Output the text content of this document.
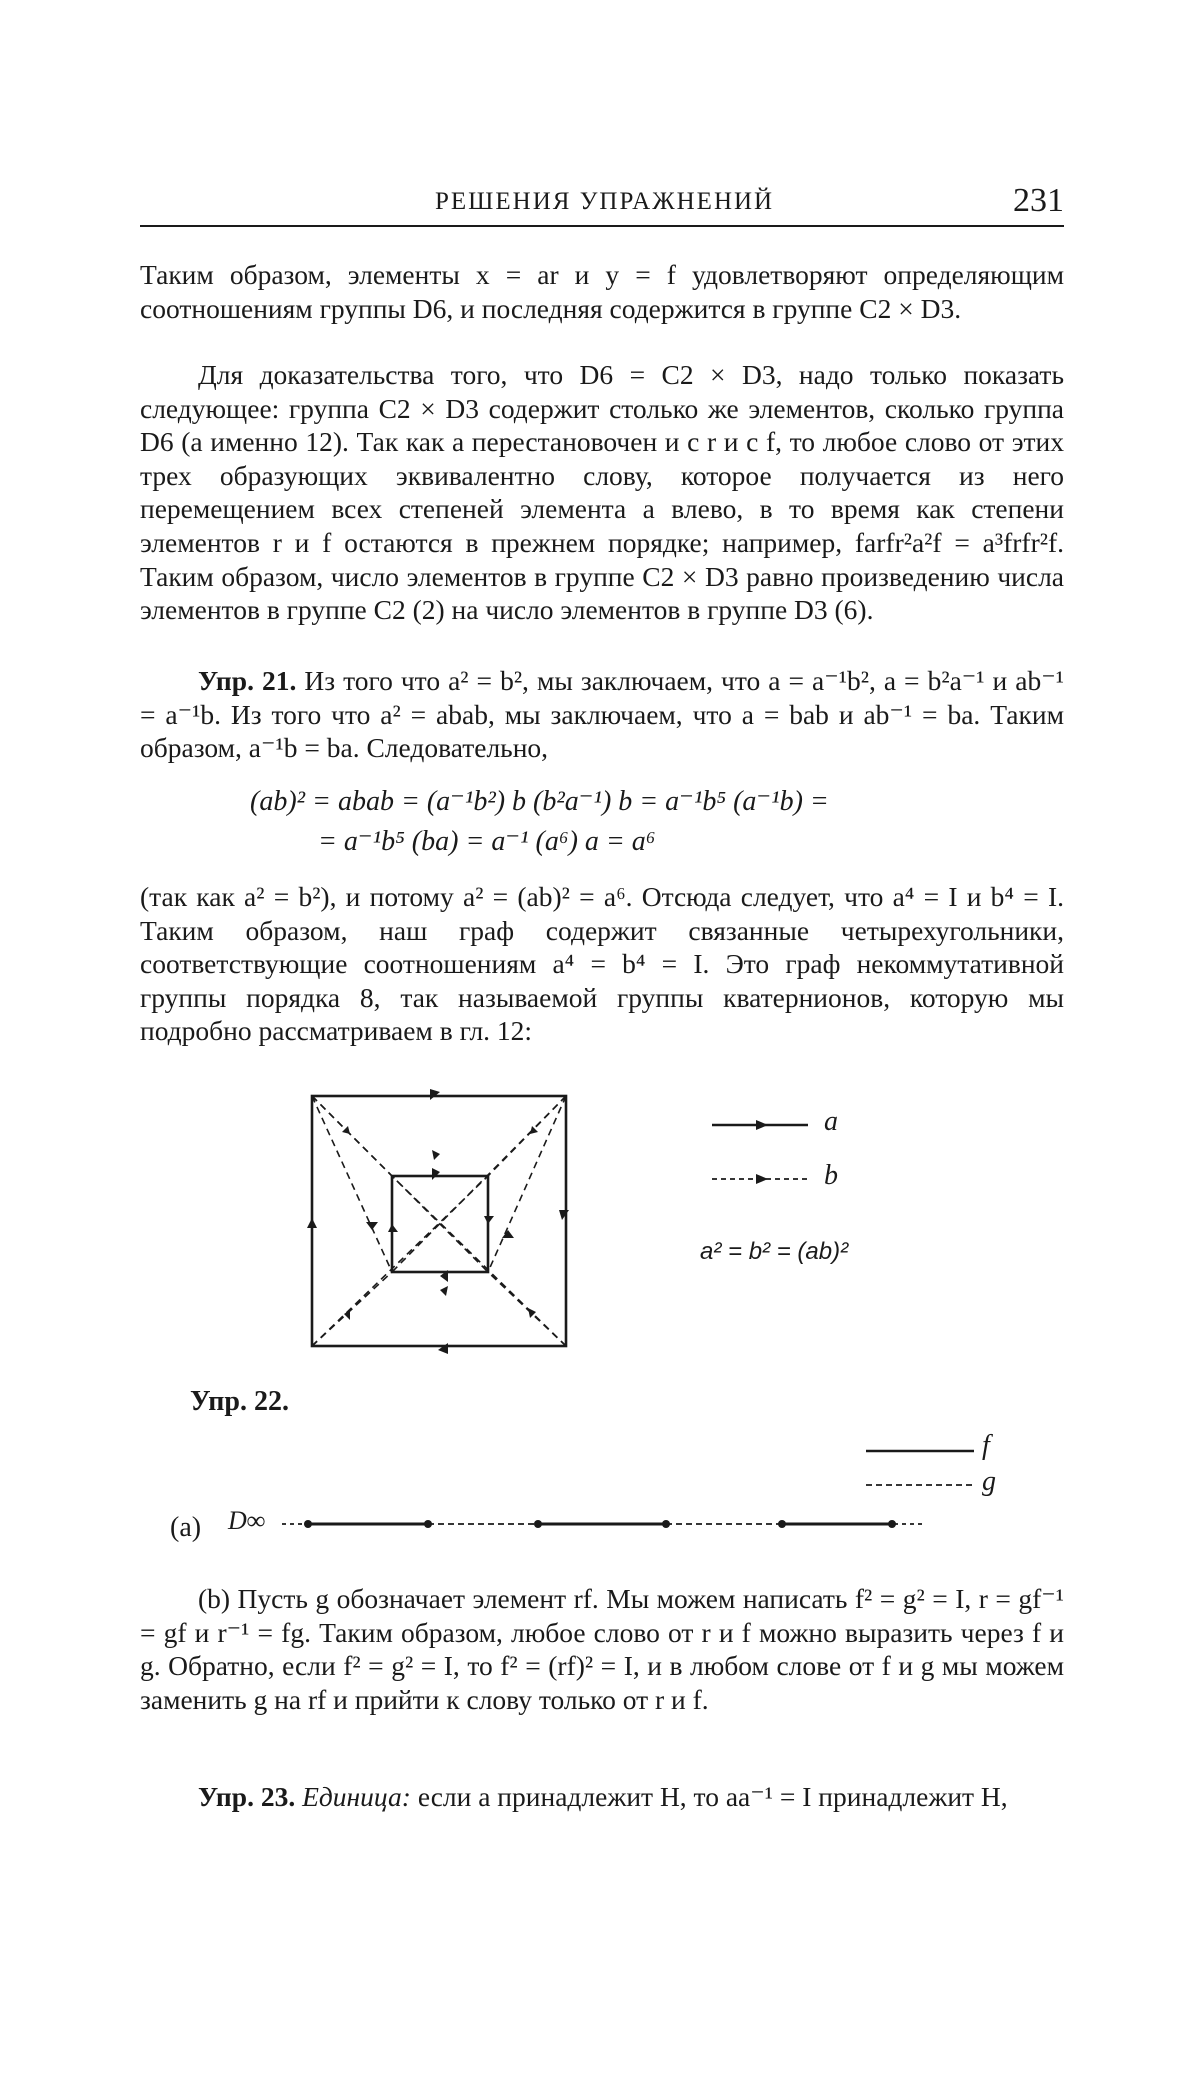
РЕШЕНИЯ УПРАЖНЕНИЙ	231

Таким образом, элементы x = ar и y = f удовлетворяют определяющим соотношениям группы D6, и последняя содержится в группе C2 × D3.

Для доказательства того, что D6 = C2 × D3, надо только показать следующее: группа C2 × D3 содержит столько же элементов, сколько группа D6 (а именно 12). Так как a перестановочен и с r и с f, то любое слово от этих трех образующих эквивалентно слову, которое получается из него перемещением всех степеней элемента a влево, в то время как степени элементов r и f остаются в прежнем порядке; например, farfr²a²f = a³frfr²f. Таким образом, число элементов в группе C2 × D3 равно произведению числа элементов в группе C2 (2) на число элементов в группе D3 (6).

Упр. 21. Из того что a² = b², мы заключаем, что a = a⁻¹b², a = b²a⁻¹ и ab⁻¹ = a⁻¹b. Из того что a² = abab, мы заключаем, что a = bab и ab⁻¹ = ba. Таким образом, a⁻¹b = ba. Следовательно,

(ab)² = abab = (a⁻¹b²) b (b²a⁻¹) b = a⁻¹b⁵ (a⁻¹b) =
= a⁻¹b⁵ (ba) = a⁻¹ (a⁶) a = a⁶

(так как a² = b²), и потому a² = (ab)² = a⁶. Отсюда следует, что a⁴ = I и b⁴ = I. Таким образом, наш граф содержит связанные четырехугольники, соответствующие соотношениям a⁴ = b⁴ = I. Это граф некоммутативной группы порядка 8, так называемой группы кватернионов, которую мы подробно рассматриваем в гл. 12:

a
b
a² = b² = (ab)²
Упр. 22.
f
g
(a) D∞

(b) Пусть g обозначает элемент rf. Мы можем написать f² = g² = I, r = gf⁻¹ = gf и r⁻¹ = fg. Таким образом, любое слово от r и f можно выразить через f и g. Обратно, если f² = g² = I, то f² = (rf)² = I, и в любом слове от f и g мы можем заменить g на rf и прийти к слову только от r и f.

Упр. 23. Единица: если a принадлежит H, то aa⁻¹ = I принадлежит H,
